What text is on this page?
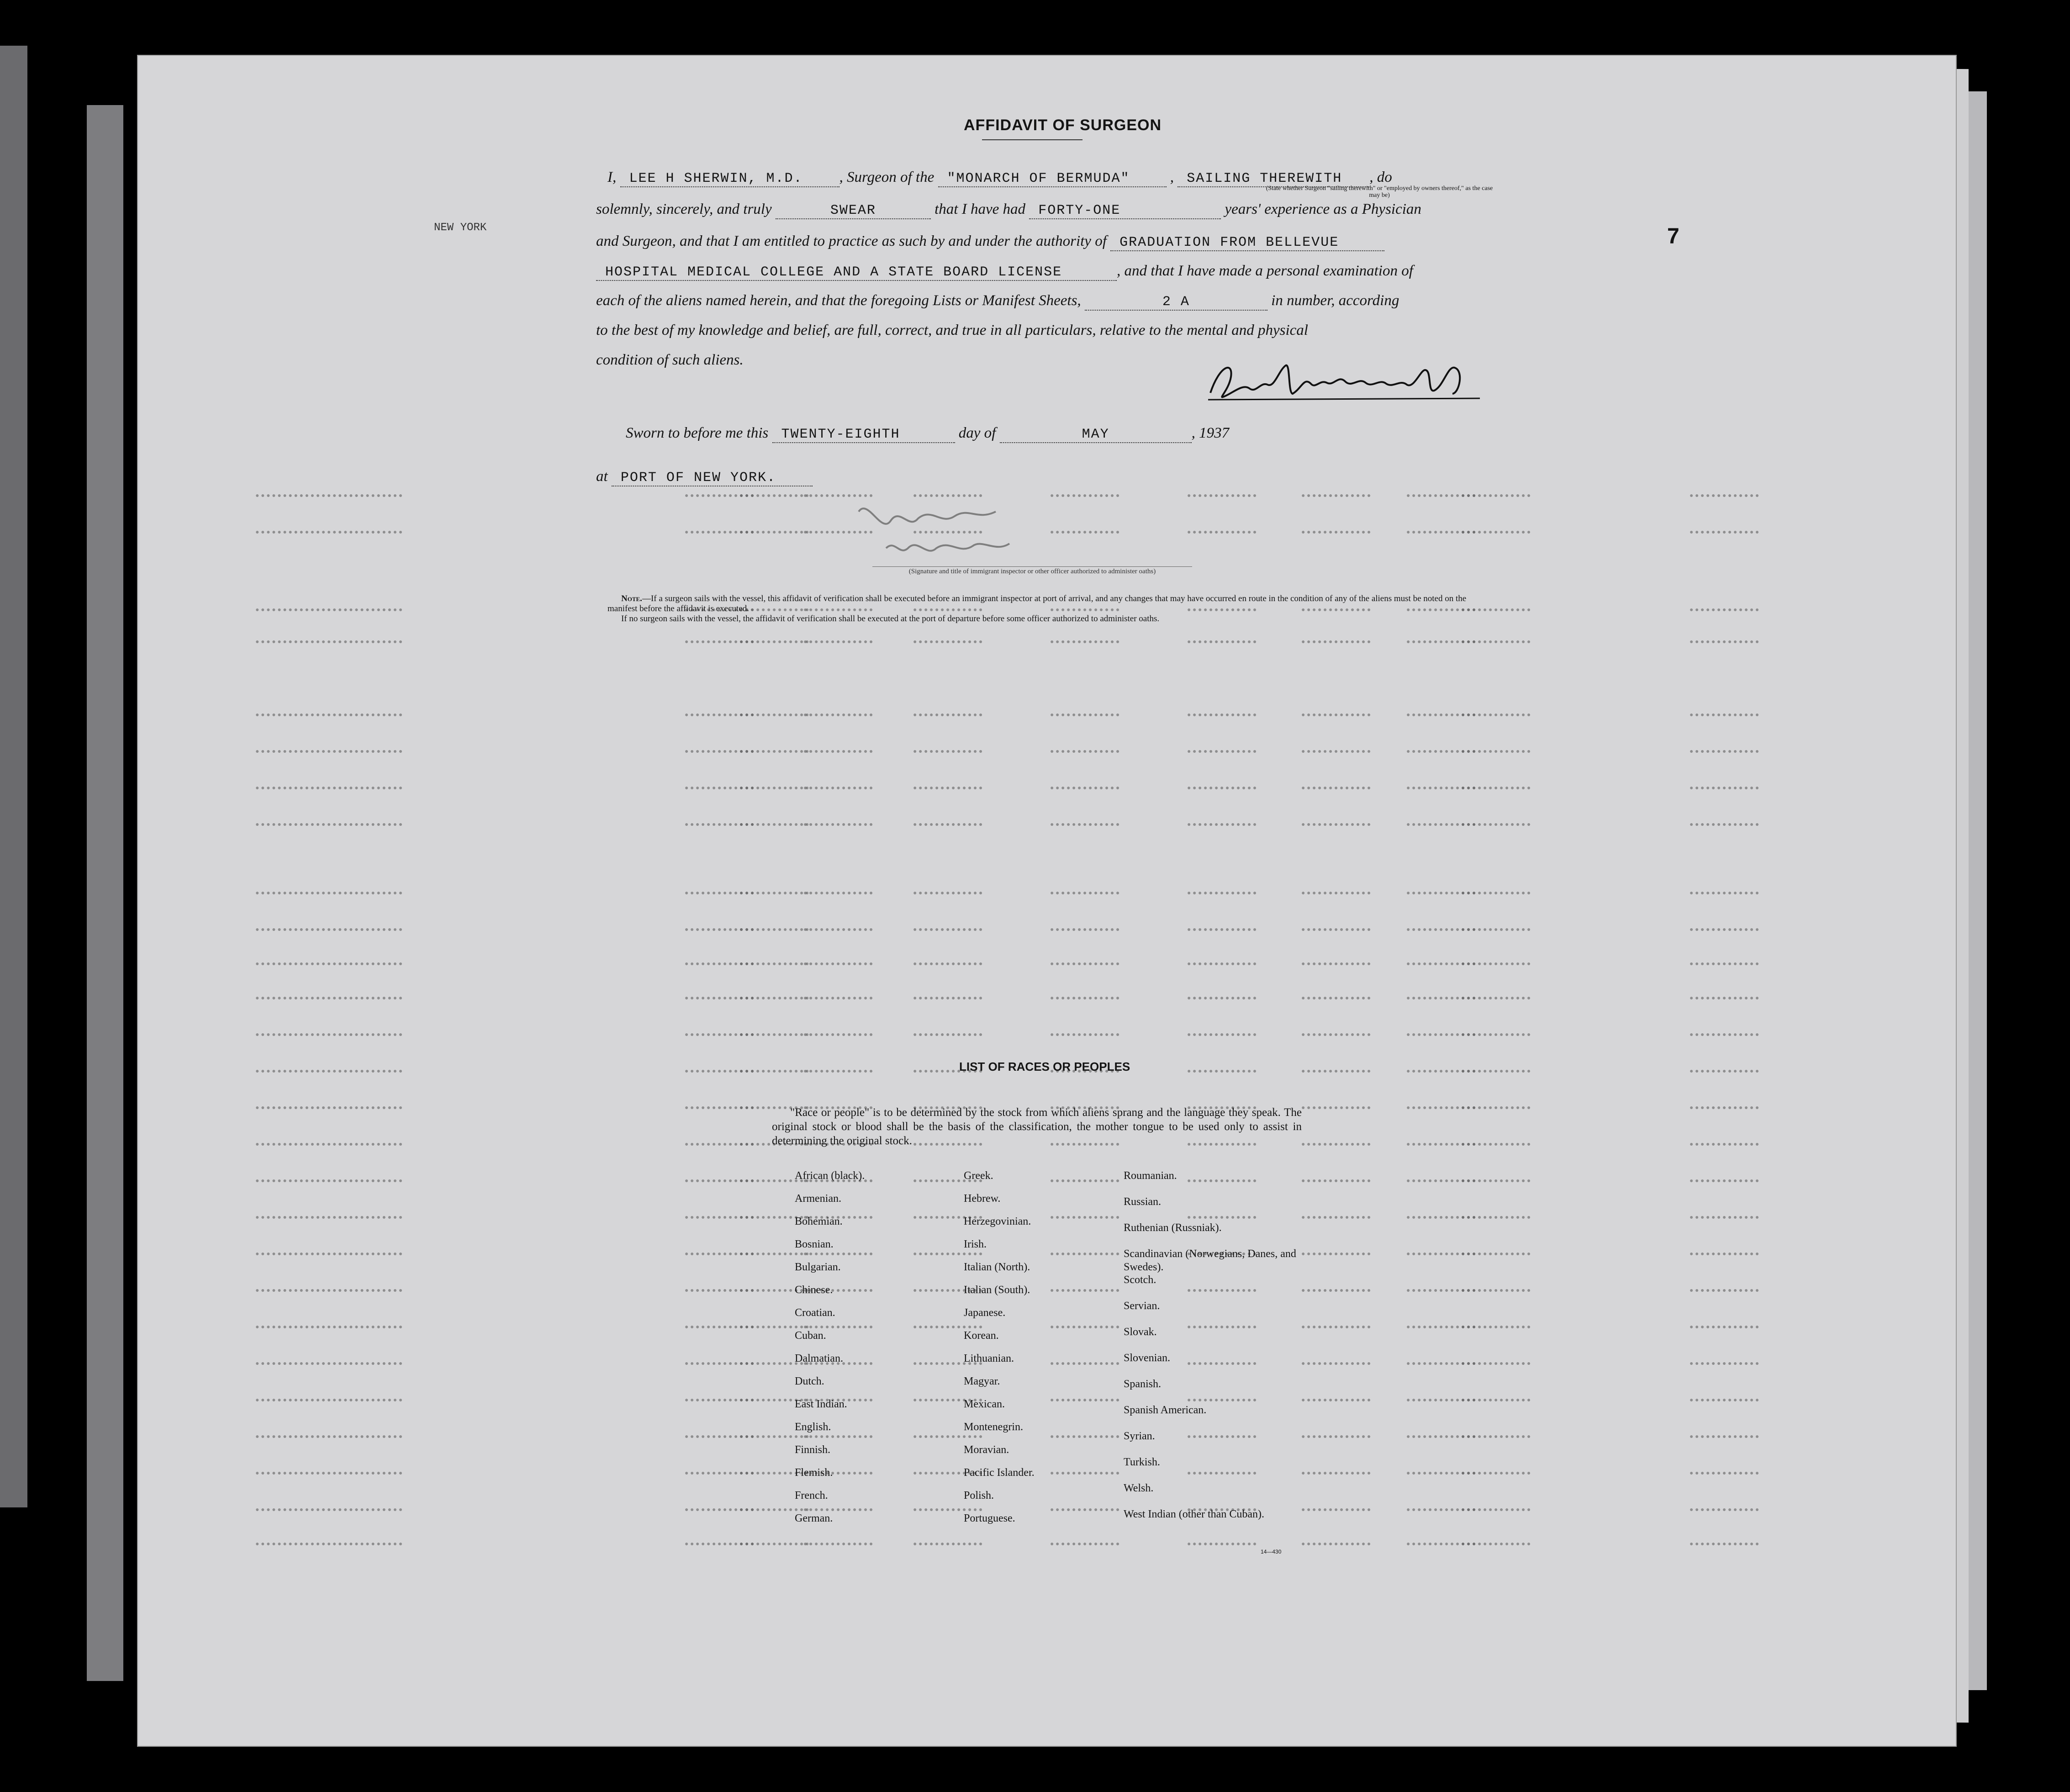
AFFIDAVIT OF SURGEON
I, LEE H SHERWIN, M.D. , Surgeon of the "MONARCH OF BERMUDA" , SAILING THEREWITH , do
(State whether Surgeon "sailing therewith" or "employed by owners thereof," as the case may be)
solemnly, sincerely, and truly	SWEAR	that I have had FORTY-ONE	years' experience as a Physician
and Surgeon, and that I am entitled to practice as such by and under the authority of GRADUATION FROM BELLEVUE
HOSPITAL MEDICAL COLLEGE AND A STATE BOARD LICENSE	, and that I have made a personal examination of
each of the aliens named herein, and that the foregoing Lists or Manifest Sheets,	2 A	in number, according
to the best of my knowledge and belief, are full, correct, and true in all particulars, relative to the mental and physical
condition of such aliens.
Sworn to before me this TWENTY-EIGHTH	day of	MAY	, 1937
at PORT OF NEW YORK.
NEW YORK	7
(Signature and title of immigrant inspector or other officer authorized to administer oaths)
Note.—If a surgeon sails with the vessel, this affidavit of verification shall be executed before an immigrant inspector at port of arrival, and any changes that may have occurred en route in the condition of any of the aliens must be noted on the manifest before the affidavit is executed.
If no surgeon sails with the vessel, the affidavit of verification shall be executed at the port of departure before some officer authorized to administer oaths.
LIST OF RACES OR PEOPLES
"Race or people" is to be determined by the stock from which aliens sprang and the language they speak. The original stock or blood shall be the basis of the classification, the mother tongue to be used only to assist in determining the original stock.
African (black).
Armenian.
Bohemian.
Bosnian.
Bulgarian.
Chinese.
Croatian.
Cuban.
Dalmatian.
Dutch.
East Indian.
English.
Finnish.
Flemish.
French.
German.
Greek.
Hebrew.
Herzegovinian.
Irish.
Italian (North).
Italian (South).
Japanese.
Korean.
Lithuanian.
Magyar.
Mexican.
Montenegrin.
Moravian.
Pacific Islander.
Polish.
Portuguese.
Roumanian.
Russian.
Ruthenian (Russniak).
Scandinavian (Norwegians, Danes, and Swedes).
Scotch.
Servian.
Slovak.
Slovenian.
Spanish.
Spanish American.
Syrian.
Turkish.
Welsh.
West Indian (other than Cuban).
14—430
